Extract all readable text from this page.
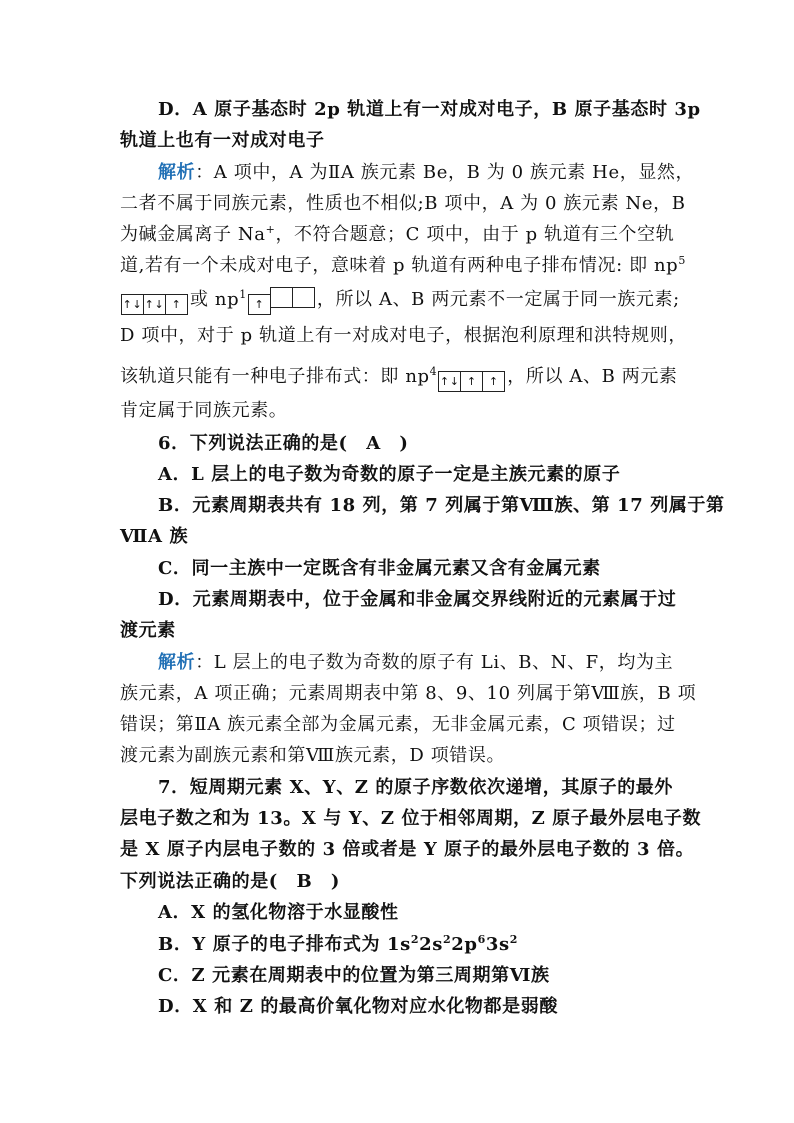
D．A 原子基态时 2p 轨道上有一对成对电子，B 原子基态时 3p
轨道上也有一对成对电子
解析：A 项中，A 为ⅡA 族元素 Be，B 为 0 族元素 He，显然，
二者不属于同族元素，性质也不相似;B 项中，A 为 0 族元素 Ne，B
为碱金属离子 Na+，不符合题意；C 项中，由于 p 轨道有三个空轨
道,若有一个未成对电子，意味着 p 轨道有两种电子排布情况: 即 $np^5$
↑↓ ↑↓ ↑ 或 $np^1↑$	，所以 A、B 两元素不一定属于同一族元素;
D 项中，对于 p 轨道上有一对成对电子，根据泡利原理和洪特规则，
该轨道只能有一种电子排布式：即 $np^4↑↓$ ↑ ↑ ，所以 A、B 两元素
肯定属于同族元素。
6．下列说法正确的是(　A　)
A．L 层上的电子数为奇数的原子一定是主族元素的原子
B．元素周期表共有 18 列，第 7 列属于第Ⅷ族、第 17 列属于第
ⅦA 族
C．同一主族中一定既含有非金属元素又含有金属元素
D．元素周期表中，位于金属和非金属交界线附近的元素属于过
渡元素
解析：L 层上的电子数为奇数的原子有 Li、B、N、F，均为主
族元素，A 项正确；元素周期表中第 8、9、10 列属于第Ⅷ族，B 项
错误；第ⅡA 族元素全部为金属元素，无非金属元素，C 项错误；过
渡元素为副族元素和第Ⅷ族元素，D 项错误。
7．短周期元素 X、Y、Z 的原子序数依次递增，其原子的最外
层电子数之和为 13。X 与 Y、Z 位于相邻周期，Z 原子最外层电子数
是 X 原子内层电子数的 3 倍或者是 Y 原子的最外层电子数的 3 倍。
下列说法正确的是(　B　)
A．X 的氢化物溶于水显酸性
B．Y 原子的电子排布式为 $1s^22s^22p^63s^2$
C．Z 元素在周期表中的位置为第三周期第Ⅵ族
D．X 和 Z 的最高价氧化物对应水化物都是弱酸
